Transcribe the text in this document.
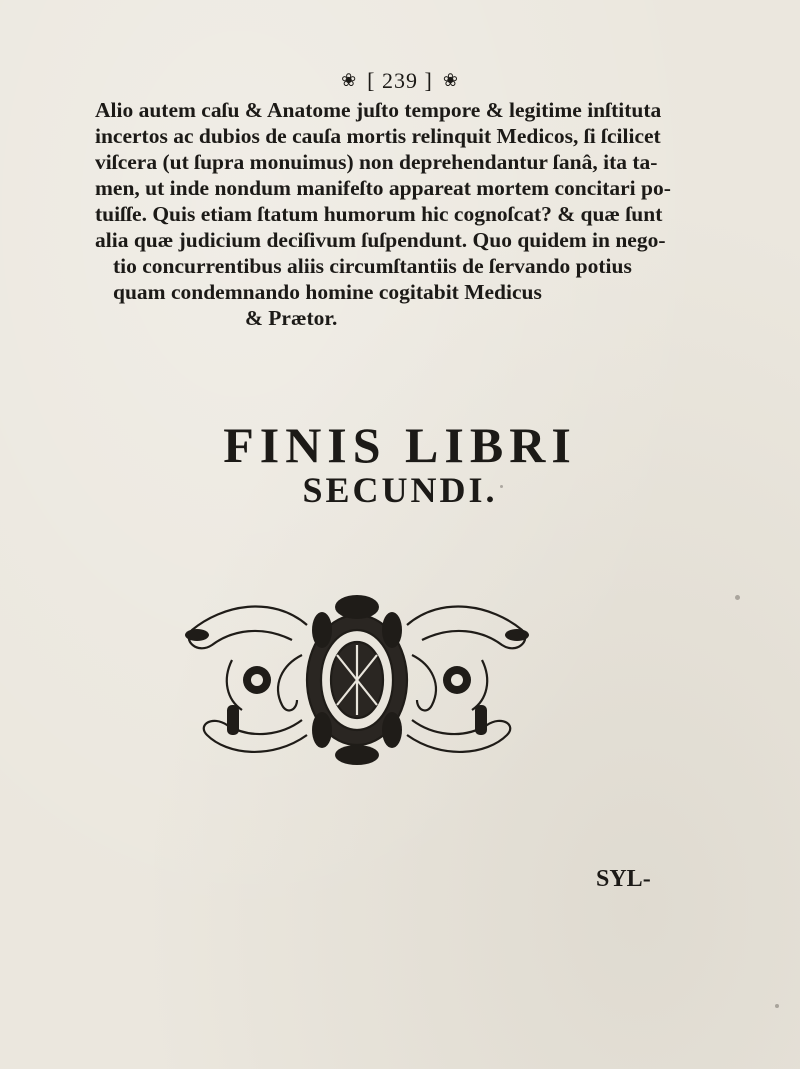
❀ [ 239 ] ❀
Alio autem caſu & Anatome juſto tempore & legitime inſtituta
incertos ac dubios de cauſa mortis relinquit Medicos, ſi ſcilicet
viſcera (ut ſupra monuimus) non deprehendantur ſanâ, ita ta-
men, ut inde nondum manifeſto appareat mortem concitari po-
tuiſſe. Quis etiam ſtatum humorum hic cognoſcat? & quæ ſunt
alia quæ judicium deciſivum ſuſpendunt. Quo quidem in nego-
tio concurrentibus aliis circumſtantiis de ſervando potius
quam condemnando homine cogitabit Medicus
& Prætor.
FINIS LIBRI
SECUNDI.
SYL-
